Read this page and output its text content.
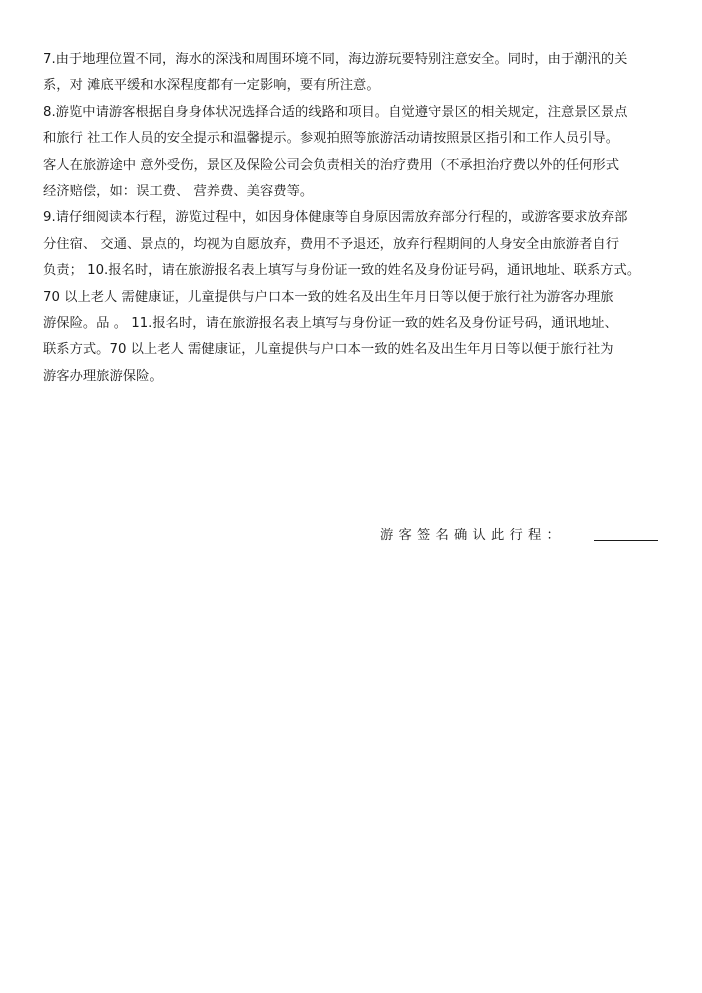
7.由于地理位置不同，海水的深浅和周围环境不同，海边游玩要特别注意安全。同时，由于潮汛的关
系，对 滩底平缓和水深程度都有一定影响，要有所注意。
8.游览中请游客根据自身身体状况选择合适的线路和项目。自觉遵守景区的相关规定，注意景区景点
和旅行 社工作人员的安全提示和温馨提示。参观拍照等旅游活动请按照景区指引和工作人员引导。
客人在旅游途中 意外受伤，景区及保险公司会负责相关的治疗费用（不承担治疗费以外的任何形式
经济赔偿，如：误工费、 营养费、美容费等。
9.请仔细阅读本行程，游览过程中，如因身体健康等自身原因需放弃部分行程的，或游客要求放弃部
分住宿、 交通、景点的，均视为自愿放弃，费用不予退还，放弃行程期间的人身安全由旅游者自行
负责； 10.报名时，请在旅游报名表上填写与身份证一致的姓名及身份证号码，通讯地址、联系方式。
70 以上老人 需健康证，儿童提供与户口本一致的姓名及出生年月日等以便于旅行社为游客办理旅
游保险。品 。 11.报名时，请在旅游报名表上填写与身份证一致的姓名及身份证号码，通讯地址、
联系方式。70 以上老人 需健康证，儿童提供与户口本一致的姓名及出生年月日等以便于旅行社为
游客办理旅游保险。
游客签名确认此行程：
